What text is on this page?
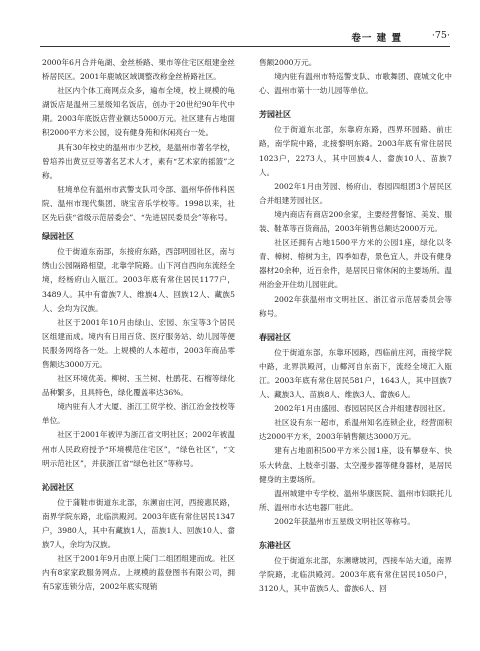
卷一 建 置	·75·

2000年6月合并龟湖、金丝桥路、果市等住宅区组建金丝桥居民区。2001年鹿城区域调整改称金丝桥路社区。

社区内个体工商网点众多，遍布全境，校上规模的龟湖饭店是温州三星级知名饭店，创办于20世纪90年代中期。2003年底饭店营业额达5000万元。社区建有占地面积2000平方米公园，设有健身苑和休闲亮台一处。

具有30年校史的温州市少艺校，是温州市著名学校，曾培养出黄豆豆等著名艺术人才，素有“艺术家的摇篮”之称。

驻境单位有温州市武警支队司令部、温州华侨伟科医院、温州市现代集团、晓宝音乐学校等。1998以来，社区先后获“省级示范居委会”、“先进居民委员会”等称号。

绿园社区

位于街道东南部，东接府东路，西部明园社区，南与绣山公园隔路相望，北靠学院路。山下河自西向东流经全境，经杨府山入瓯江。2003年底有常住居民1177户，3489人。其中有畲族7人、维族4人、回族12人、藏族5人、会均为汉族。

社区于2001年10月由绿山、宏园、东宝等3个居民区组建而成。境内有日用百货、医疗服务站、幼儿园等便民服务网络各一处。上规模的人本超市，2003年商品零售额达3000万元。

社区环境优美。柳树、玉兰树、杜鹃花、石榴等绿化品种繁多，且具特色，绿化覆盖率达36%。

境内驻有人才大厦、浙江工贸学校、浙江治金技校等单位。

社区于2001年被评为浙江省文明社区；2002年被温州市人民政府授予“环境模范住宅区”，“绿色社区”，“文明示范社区”，并获浙江省“绿色社区”等称号。

沁园社区

位于蒲鞋市街道东北部，东濒亩庄河，西接惠民路，南界学院东路，北临洪殿河。2003年底有常住居民1347户，3980人，其中有藏族1人，苗族1人、回族10人、畲族7人，余均为汉族。

社区于2001年9月由原上陡门二组团组建而成。社区内有8家家政服务网点。上规模的蓝登图书有限公司，拥有5家连锁分店，2002年底实现销

售额2000万元。

境内驻有温州市特巡警支队、市歌舞团、鹿城文化中心、温州市第十一幼儿园等单位。

芳园社区

位于街道东北部，东靠府东路，西界环园路、前庄路，南学院中路，北接黎明东路。2003年底有常住居民1023户，2273人，其中回族4人、畲族10人、苗族7人。

2002年1月由芳园、杨府山、春园四组团3个居民区合并组建芳园社区。

境内商店有商店200余家，主要经营餐馆、美发、服装、鞋革等百货商品，2003年销售总额达2000万元。

社区还拥有占地1500平方米的公园1座，绿化以冬青、樟树、榕树为主，四季如春，景色宜人，并设有健身器材20余种，近百余件，是居民日常休闲的主要场所。温州治金开住幼儿园驻此。

2002年获温州市文明社区、浙江省示范居委员会等称号。

春园社区

位于街道东部，东靠环园路，西临前庄河，南接学院中路，北界洪殿河，山椰河自东南下，流经全境汇入瓯江。2003年底有常住居民581户，1643人，其中回族7人、藏族3人、苗族8人、维族3人、畲族6人。

2002年1月由盛园、春园居民区合并组建春园社区。

社区设有东一超市，系温州知名连锁企业，经营面积达2000平方米，2003年销售额达3000万元。

建有占地面积500平方米公园1座，设有攀登车、快乐大转盘、上肢牵引器、太空漫步器等健身器材，是居民健身的主要场所。

温州城建中专学校、温州华康医院、温州市妇联托儿所、温州市水达电器厂驻此。

2002年获温州市五星级文明社区等称号。

东港社区

位于街道东北部，东濒塘坡河，西接车站大道，南界学院路，北临洪殿河。2003年底有常住居民1050户，3120人，其中苗族5人、畲族6人、回
